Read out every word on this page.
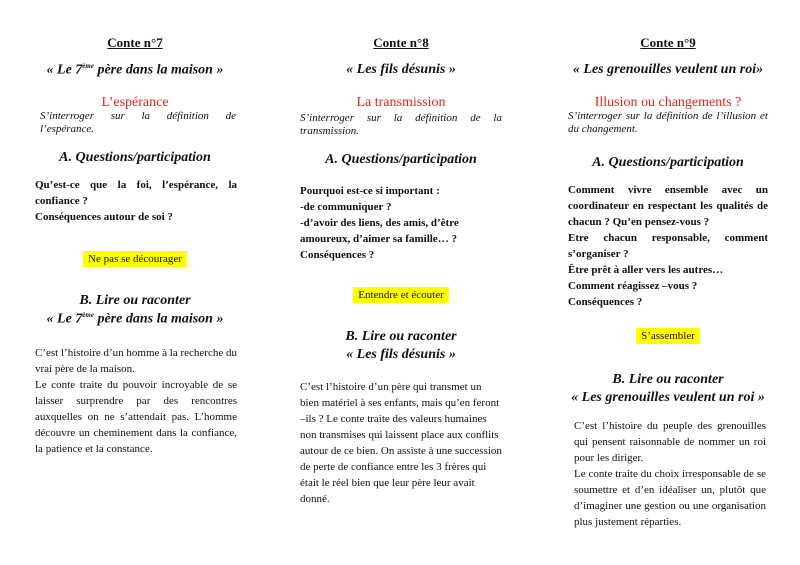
Conte n°7
« Le 7ème père dans la maison »
L’espérance
S’interroger sur la définition de l’espérance.
A. Questions/participation
Qu’est-ce que la foi, l’espérance, la confiance ?
Conséquences autour de soi ?
Ne pas se décourager
B. Lire ou raconter
« Le 7ème père dans la maison »
C’est l’histoire d’un homme à la recherche du vrai père de la maison.
Le conte traite du pouvoir incroyable de se laisser surprendre par des rencontres auxquelles on ne s’attendait pas. L’homme découvre un cheminement dans la confiance, la patience et la constance.
Conte n°8
« Les fils désunis »
La transmission
S’interroger sur la définition de la transmission.
A. Questions/participation
Pourquoi est-ce si important :
-de communiquer ?
-d’avoir des liens, des amis, d’être amoureux, d’aimer sa famille… ?
Conséquences ?
Entendre et écouter
B. Lire ou raconter
« Les fils désunis »
C’est l’histoire d’un père qui transmet un bien matériel à ses enfants, mais qu’en feront –ils ? Le conte traite des valeurs humaines non transmises qui laissent place aux conflits autour de ce bien. On assiste à une succession de perte de confiance entre les 3 frères qui était le réel bien que leur père leur avait donné.
Conte n°9
« Les grenouilles veulent un roi»
Illusion ou changements ?
S’interroger sur la définition de l’illusion et du changement.
A. Questions/participation
Comment vivre ensemble avec un coordinateur en respectant les qualités de chacun ? Qu’en pensez-vous ?
Etre chacun responsable, comment s’organiser ?
Être prêt à aller vers les autres…
Comment réagissez –vous ?
Conséquences ?
S’assembler
B. Lire ou raconter
« Les grenouilles veulent un roi »
C’est l’histoire du peuple des grenouilles qui pensent raisonnable de nommer un roi pour les diriger.
Le conte traite du choix irresponsable de se soumettre et d’en idéaliser un, plutôt que d’imaginer une gestion ou une organisation plus justement réparties.
